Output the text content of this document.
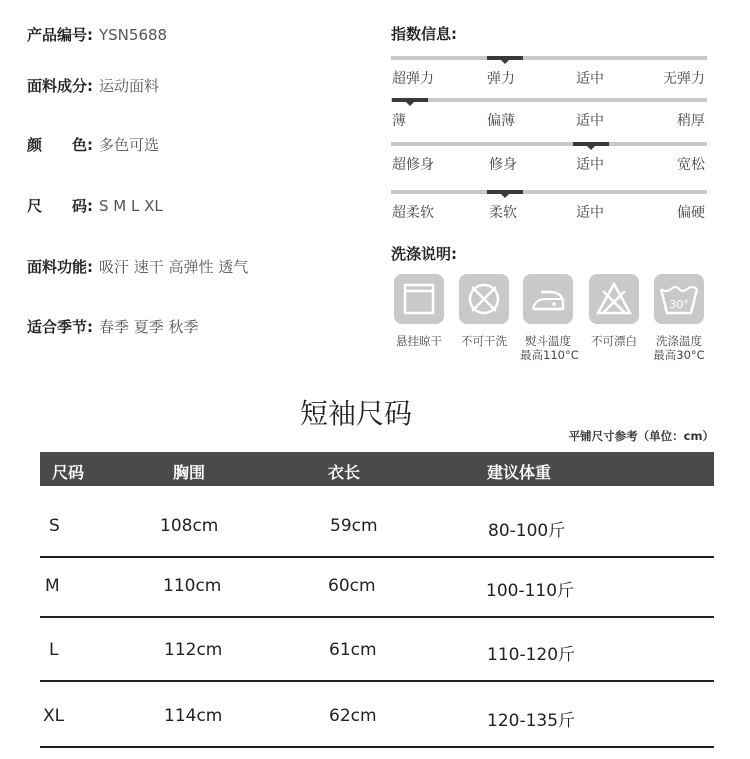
产品编号: YSN5688
面料成分: 运动面料
颜　　色: 多色可选
尺　　码: S M L XL
面料功能: 吸汗 速干 高弹性 透气
适合季节: 春季 夏季 秋季
指数信息:
超弹力	弹力	适中	无弹力
薄	偏薄	适中	稍厚
超修身	修身	适中	宽松
超柔软	柔软	适中	偏硬
洗涤说明:
悬挂晾干	不可干洗	熨斗温度
最高110°C
不可漂白
30°
洗涤温度
最高30°C
短袖尺码
平铺尺寸参考（单位：cm）
尺码	胸围	衣长	建议体重
S	108cm	59cm	80-100斤
M	110cm	60cm	100-110斤
L	112cm	61cm	110-120斤
XL	114cm	62cm	120-135斤
